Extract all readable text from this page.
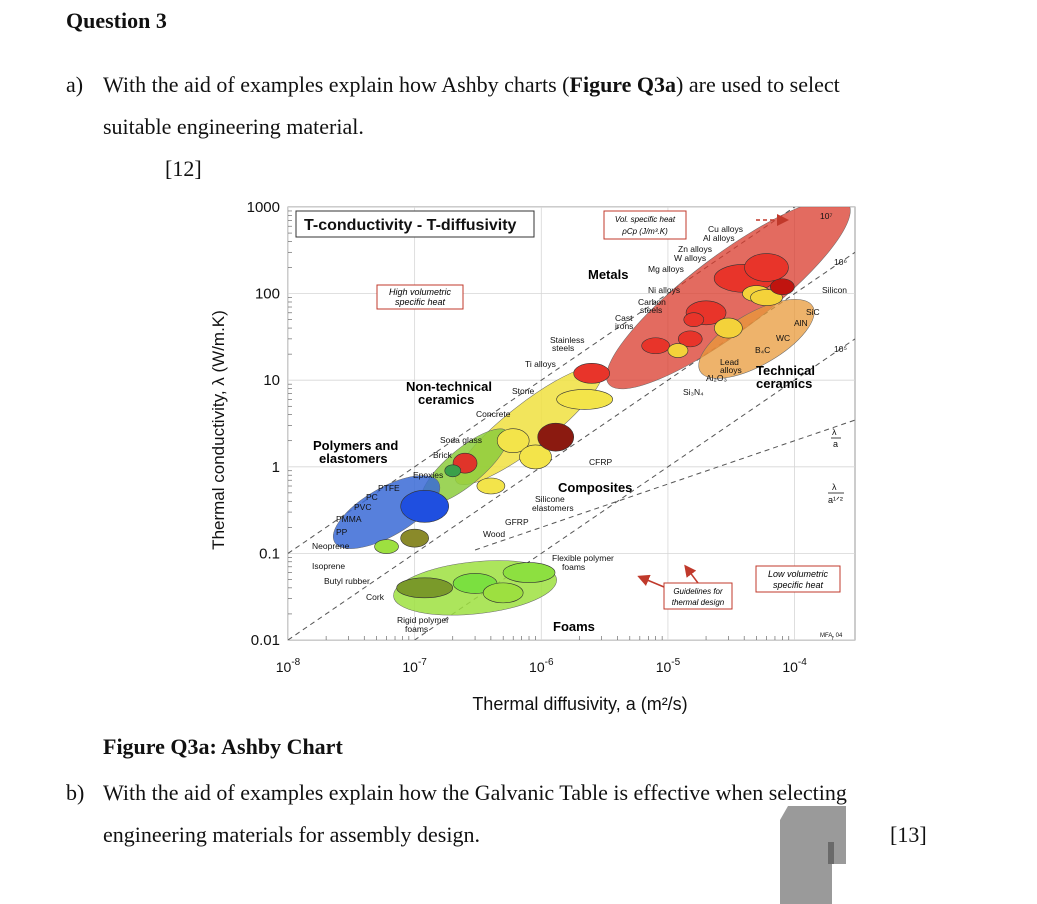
Question 3
a) With the aid of examples explain how Ashby charts (Figure Q3a) are used to select
suitable engineering material.
[12]
$10^{-8}$	$10^{-7}$	$10^{-6}$	$10^{-5}$	$10^{-4}$
1000
100
10
1
0.1
0.01
T-conductivity - T-diffusivity
Thermal diffusivity, a (m²/s)
Thermal conductivity, λ (W/m.K)
Metals
Technical
ceramics
Non-technical
ceramics
Composites
Polymers and
elastomers
Foams
Vol. specific heat
ρCp (J/m³.K)
High volumetric
specific heat
Low volumetric
specific heat
Guidelines for
thermal design
Cu alloys
Al alloys
Zn alloys
W alloys
Mg alloys
Ni alloys
Carbon
steels
Cast
irons
Stainless
steels
Ti alloys
Silicon
SiC
AlN
WC
B₄C
Lead
alloys
Al₂O₃
Si₃N₄
Stone
Concrete
Soda glass
Brick
Epoxies
CFRP
GFRP
Wood
Silicone
elastomers
PTFE
PC
PVC
PMMA
PP
Neoprene
Isoprene
Butyl rubber
Cork
Flexible polymer
foams
Rigid polymer
foams
10⁷
10⁶
10⁵
λ
a
λ
a¹ᐟ²
MFA, 04
Figure Q3a: Ashby Chart
b) With the aid of examples explain how the Galvanic Table is effective when selecting
engineering materials for assembly design.	[13]
